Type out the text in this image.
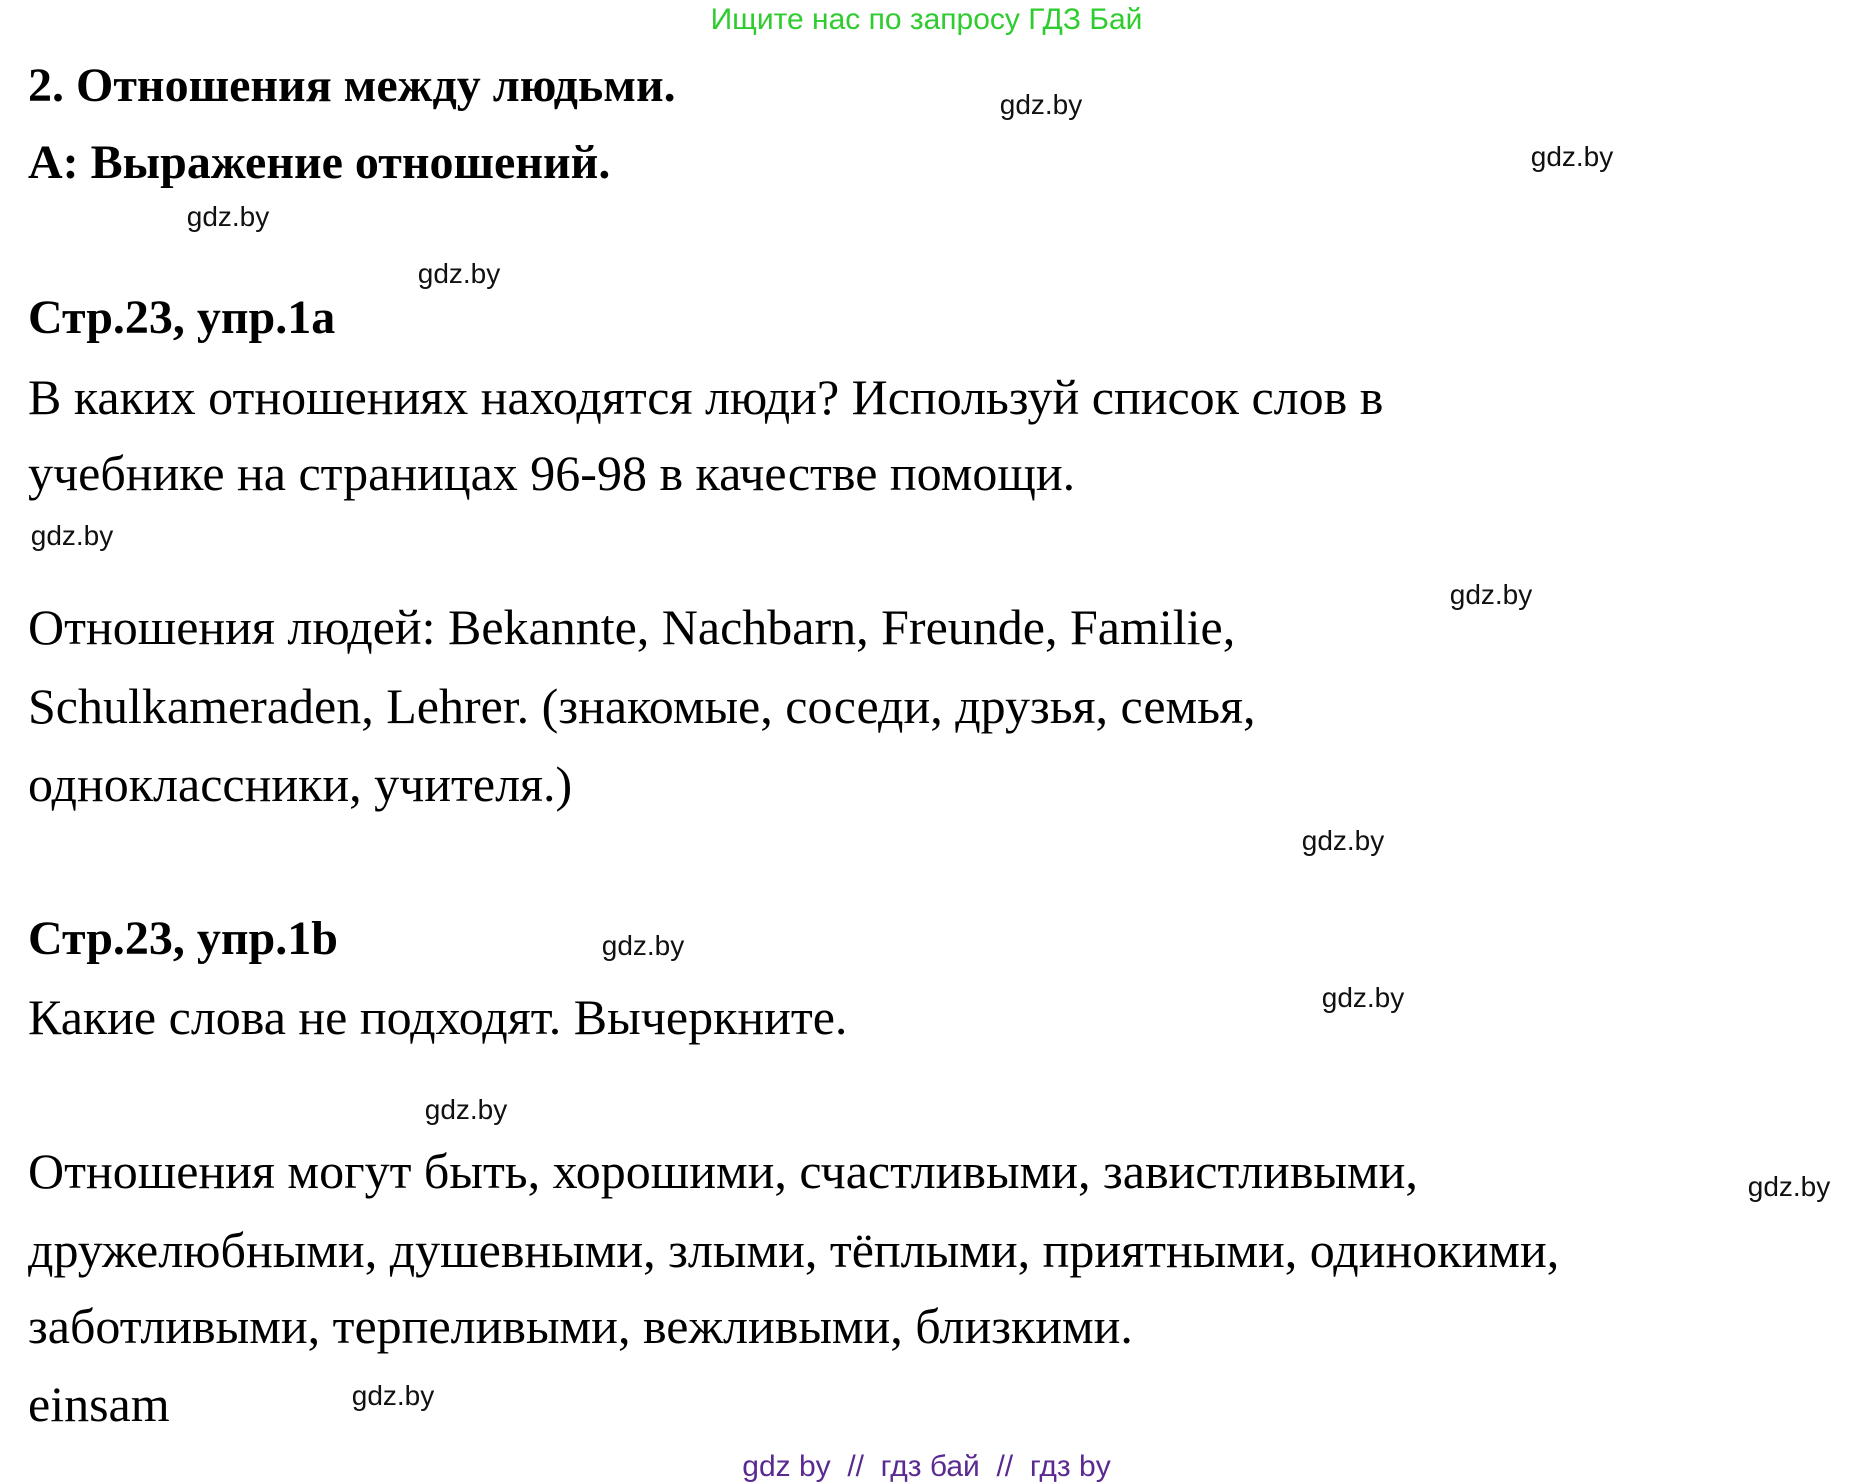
Ищите нас по запросу ГДЗ Бай
2. Отношения между людьми.
A: Выражение отношений.
Стр.23, упр.1a
В каких отношениях находятся люди? Используй список слов в
учебнике на страницах 96-98 в качестве помощи.
Отношения людей: Bekannte, Nachbarn, Freunde, Familie,
Schulkameraden, Lehrer. (знакомые, соседи, друзья, семья,
одноклассники, учителя.)
Стр.23, упр.1b
Какие слова не подходят. Вычеркните.
Отношения могут быть, хорошими, счастливыми, завистливыми,
дружелюбными, душевными, злыми, тёплыми, приятными, одинокими,
заботливыми, терпеливыми, вежливыми, близкими.
einsam
gdz.by
gdz.by
gdz.by
gdz.by
gdz.by
gdz.by
gdz.by
gdz.by
gdz.by
gdz.by
gdz.by
gdz.by
gdz by  //  гдз бай  //  гдз by
